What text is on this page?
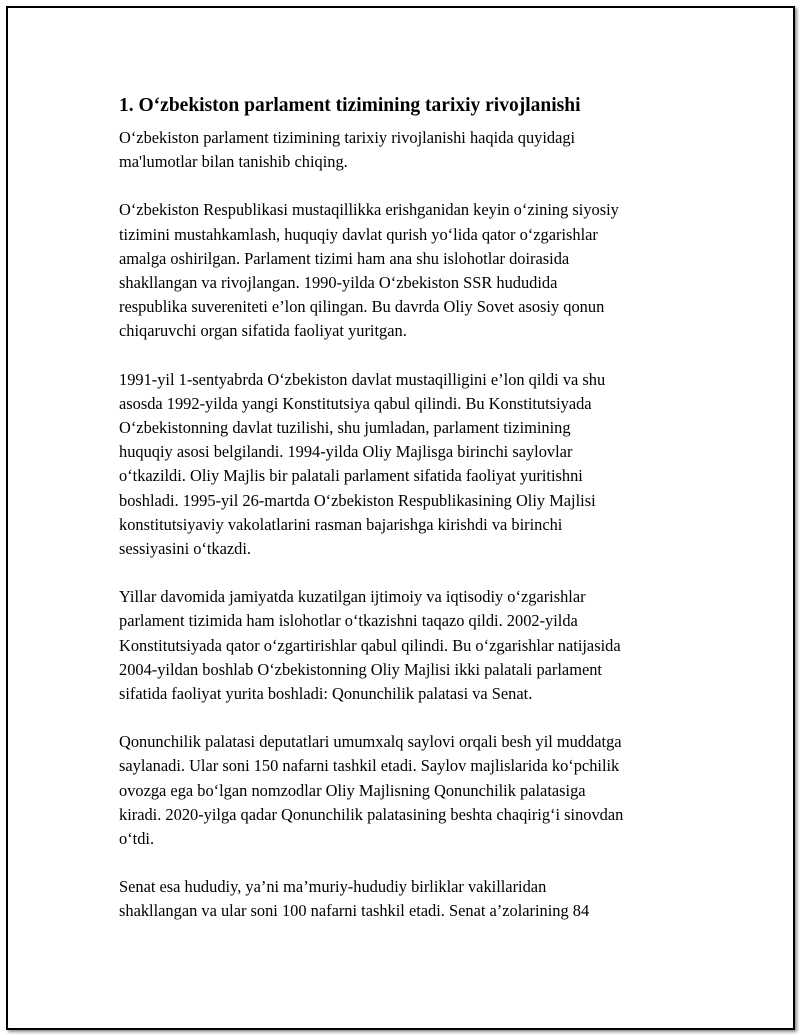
1. O‘zbekiston parlament tizimining tarixiy rivojlanishi

O‘zbekiston parlament tizimining tarixiy rivojlanishi haqida quyidagi
ma'lumotlar bilan tanishib chiqing.

O‘zbekiston Respublikasi mustaqillikka erishganidan keyin o‘zining siyosiy
tizimini mustahkamlash, huquqiy davlat qurish yo‘lida qator o‘zgarishlar
amalga oshirilgan. Parlament tizimi ham ana shu islohotlar doirasida
shakllangan va rivojlangan. 1990-yilda O‘zbekiston SSR hududida
respublika suvereniteti e’lon qilingan. Bu davrda Oliy Sovet asosiy qonun
chiqaruvchi organ sifatida faoliyat yuritgan.

1991-yil 1-sentyabrda O‘zbekiston davlat mustaqilligini e’lon qildi va shu
asosda 1992-yilda yangi Konstitutsiya qabul qilindi. Bu Konstitutsiyada
O‘zbekistonning davlat tuzilishi, shu jumladan, parlament tizimining
huquqiy asosi belgilandi. 1994-yilda Oliy Majlisga birinchi saylovlar
o‘tkazildi. Oliy Majlis bir palatali parlament sifatida faoliyat yuritishni
boshladi. 1995-yil 26-martda O‘zbekiston Respublikasining Oliy Majlisi
konstitutsiyaviy vakolatlarini rasman bajarishga kirishdi va birinchi
sessiyasini o‘tkazdi.

Yillar davomida jamiyatda kuzatilgan ijtimoiy va iqtisodiy o‘zgarishlar
parlament tizimida ham islohotlar o‘tkazishni taqazo qildi. 2002-yilda
Konstitutsiyada qator o‘zgartirishlar qabul qilindi. Bu o‘zgarishlar natijasida
2004-yildan boshlab O‘zbekistonning Oliy Majlisi ikki palatali parlament
sifatida faoliyat yurita boshladi: Qonunchilik palatasi va Senat.

Qonunchilik palatasi deputatlari umumxalq saylovi orqali besh yil muddatga
saylanadi. Ular soni 150 nafarni tashkil etadi. Saylov majlislarida ko‘pchilik
ovozga ega bo‘lgan nomzodlar Oliy Majlisning Qonunchilik palatasiga
kiradi. 2020-yilga qadar Qonunchilik palatasining beshta chaqirig‘i sinovdan
o‘tdi.

Senat esa hududiy, ya’ni ma’muriy-hududiy birliklar vakillaridan
shakllangan va ular soni 100 nafarni tashkil etadi. Senat a’zolarining 84
